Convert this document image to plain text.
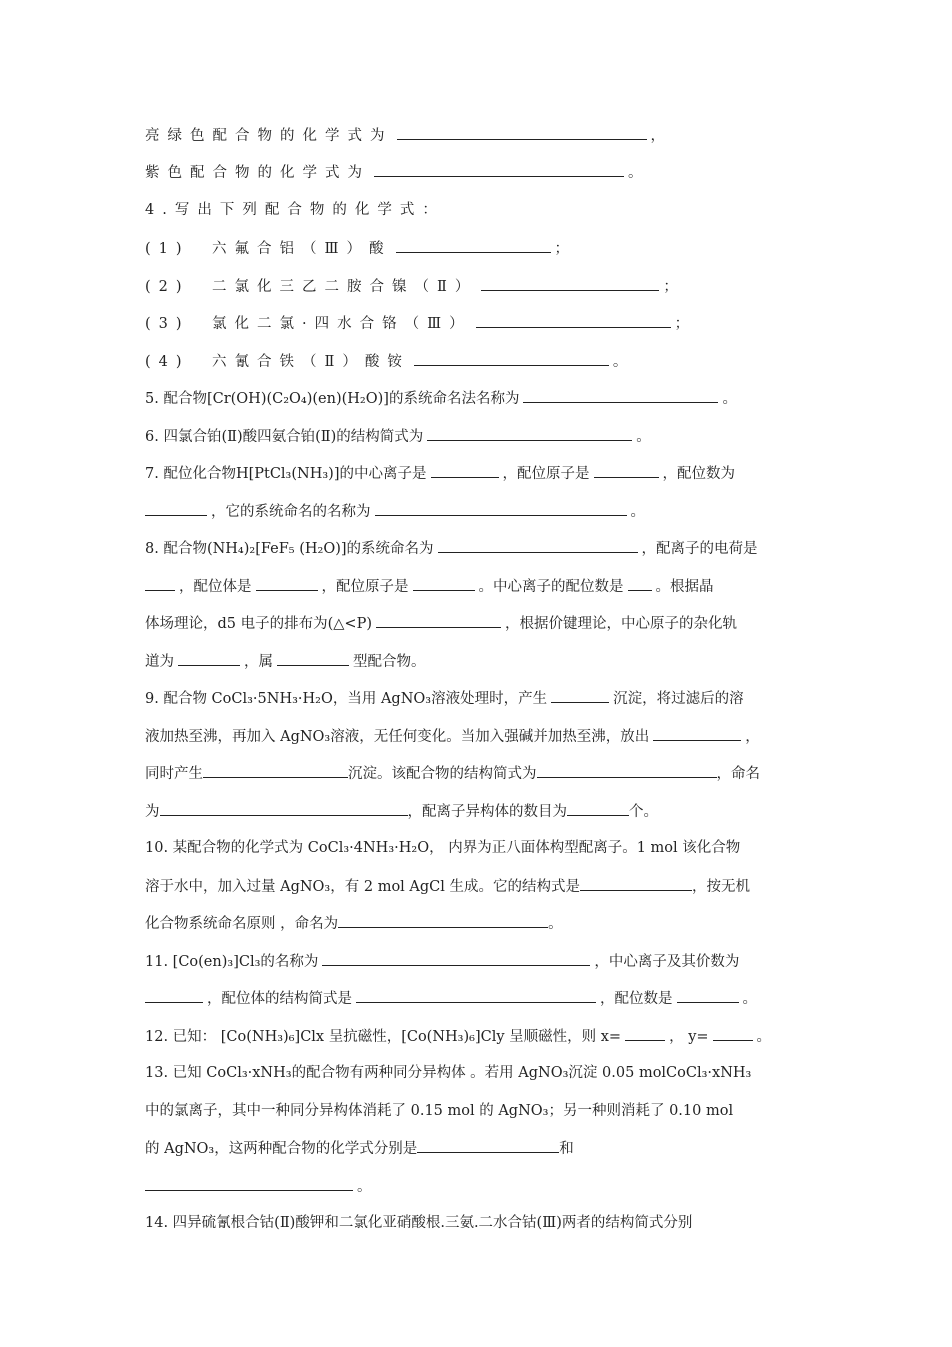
亮绿色配合物的化学式为	，
紫色配合物的化学式为	。
4.写出下列配合物的化学式：
(1)　六氟合铝（Ⅲ）酸	；
(2)　二氯化三乙二胺合镍（Ⅱ）	；
(3)　氯化二氯·四水合铬（Ⅲ）	；
(4)　六氰合铁（Ⅱ）酸铵	。
5. 配合物[Cr(OH)(C₂O₄)(en)(H₂O)]的系统命名法名称为	。
6. 四氯合铂(Ⅱ)酸四氨合铂(Ⅱ)的结构简式为	。
7. 配位化合物H[PtCl₃(NH₃)]的中心离子是	，配位原子是	，配位数为
，它的系统命名的名称为	。
8. 配合物(NH₄)₂[FeF₅ (H₂O)]的系统命名为	，配离子的电荷是
，配位体是	，配位原子是	。中心离子的配位数是 。根据晶
体场理论，d5 电子的排布为(△<P)	，根据价键理论，中心原子的杂化轨
道为	，属	型配合物。
9. 配合物 CoCl₃·5NH₃·H₂O，当用 AgNO₃溶液处理时，产生	沉淀，将过滤后的溶
液加热至沸，再加入 AgNO₃溶液，无任何变化。当加入强碱并加热至沸，放出	，
同时产生	沉淀。该配合物的结构简式为	，命名
为	，配离子异构体的数目为	个。
10. 某配合物的化学式为 CoCl₃·4NH₃·H₂O， 内界为正八面体构型配离子。1 mol 该化合物
溶于水中，加入过量 AgNO₃，有 2 mol AgCl 生成。它的结构式是	，按无机
化合物系统命名原则 ，命名为	。
11. [Co(en)₃]Cl₃的名称为	，中心离子及其价数为
，配位体的结构简式是	，配位数是	。
12. 已知： [Co(NH₃)₆]Clx 呈抗磁性，[Co(NH₃)₆]Cly 呈顺磁性，则 x=	， y=	。
13. 已知 CoCl₃·xNH₃的配合物有两种同分异构体 。若用 AgNO₃沉淀 0.05 molCoCl₃·xNH₃
中的氯离子，其中一种同分异构体消耗了 0.15 mol 的 AgNO₃；另一种则消耗了 0.10 mol
的 AgNO₃，这两种配合物的化学式分别是	和
。
14. 四异硫氰根合钴(Ⅱ)酸钾和二氯化亚硝酸根.三氨.二水合钴(Ⅲ)两者的结构简式分别
